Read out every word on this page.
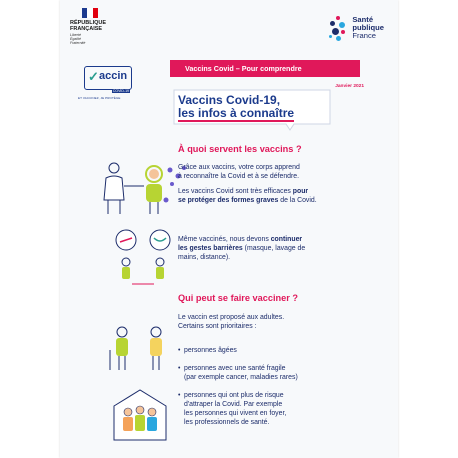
RÉPUBLIQUE
FRANÇAISE
Liberté
Égalité
Fraternité
Santé
publique
France
✓ accin
COVID-19
ET VACCINEZ, JE PROTÈGE
Vaccins Covid – Pour comprendre
Janvier 2021
Vaccins Covid-19,
les infos à connaître
À quoi servent les vaccins ?
Grâce aux vaccins, votre corps apprend
à reconnaître la Covid et à se défendre.
Les vaccins Covid sont très efficaces pour
se protéger des formes graves de la Covid.
Même vaccinés, nous devons continuer
les gestes barrières (masque, lavage de
mains, distance).
Qui peut se faire vacciner ?
Le vaccin est proposé aux adultes.
Certains sont prioritaires :
• personnes âgées
• personnes avec une santé fragile
(par exemple cancer, maladies rares)
• personnes qui ont plus de risque
d'attraper la Covid. Par exemple
les personnes qui vivent en foyer,
les professionnels de santé.
